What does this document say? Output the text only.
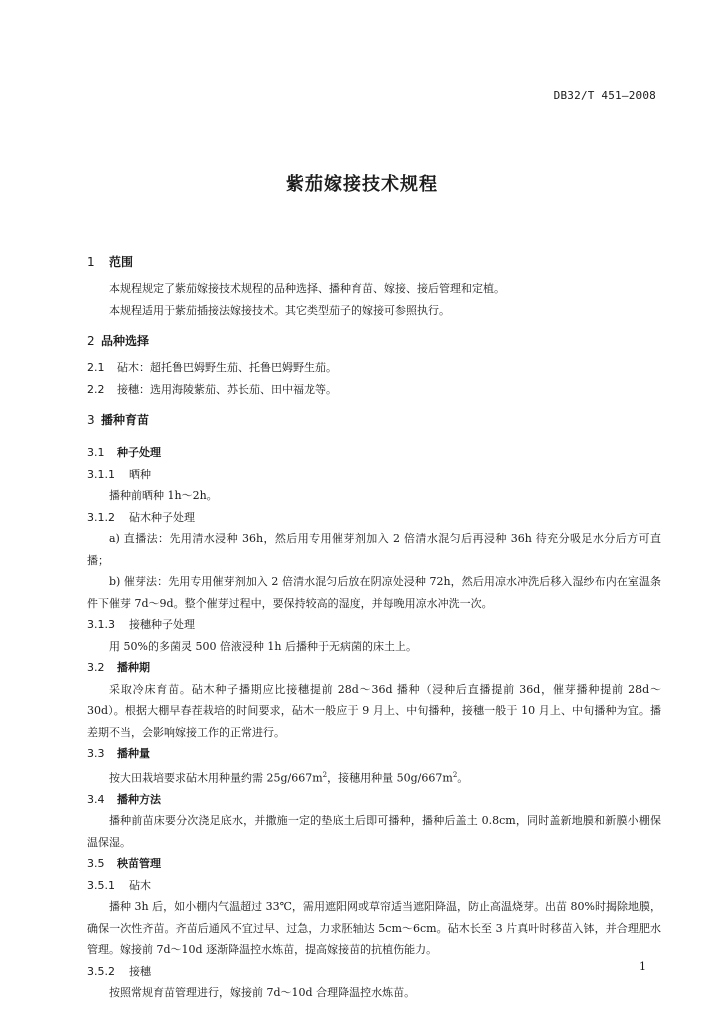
DB32/T 451—2008
紫茄嫁接技术规程
1 范围

本规程规定了紫茄嫁接技术规程的品种选择、播种育苗、嫁接、接后管理和定植。

本规程适用于紫茄插接法嫁接技术。其它类型茄子的嫁接可参照执行。

2 品种选择

2.1 砧木：超托鲁巴姆野生茄、托鲁巴姆野生茄。

2.2 接穗：选用海陵紫茄、苏长茄、田中福龙等。

3 播种育苗
3.1 种子处理
3.1.1 晒种

播种前晒种 1h～2h。

3.1.2 砧木种子处理

a) 直播法：先用清水浸种 36h，然后用专用催芽剂加入 2 倍清水混匀后再浸种 36h 待充分吸足水分后方可直播；

b) 催芽法：先用专用催芽剂加入 2 倍清水混匀后放在阴凉处浸种 72h，然后用凉水冲洗后移入湿纱布内在室温条件下催芽 7d～9d。整个催芽过程中，要保持较高的湿度，并每晚用凉水冲洗一次。

3.1.3 接穗种子处理

用 50%的多菌灵 500 倍液浸种 1h 后播种于无病菌的床土上。

3.2 播种期

采取冷床育苗。砧木种子播期应比接穗提前 28d～36d 播种（浸种后直播提前 36d，催芽播种提前 28d～30d）。根据大棚早春茬栽培的时间要求，砧木一般应于 9 月上、中旬播种，接穗一般于 10 月上、中旬播种为宜。播差期不当，会影响嫁接工作的正常进行。

3.3 播种量

按大田栽培要求砧木用种量约需 $25g/667m^2$，接穗用种量 $50g/667m^2$。

3.4 播种方法

播种前苗床要分次浇足底水，并撒施一定的垫底土后即可播种，播种后盖土 0.8cm，同时盖新地膜和新膜小棚保温保湿。

3.5 秧苗管理
3.5.1 砧木

播种 3h 后，如小棚内气温超过 33℃，需用遮阳网或草帘适当遮阳降温，防止高温烧芽。出苗 80%时揭除地膜，确保一次性齐苗。齐苗后通风不宜过早、过急，力求胚轴达 5cm～6cm。砧木长至 3 片真叶时移苗入钵，并合理肥水管理。嫁接前 7d～10d 逐渐降温控水炼苗，提高嫁接苗的抗植伤能力。

3.5.2 接穗

按照常规育苗管理进行，嫁接前 7d～10d 合理降温控水炼苗。

1
